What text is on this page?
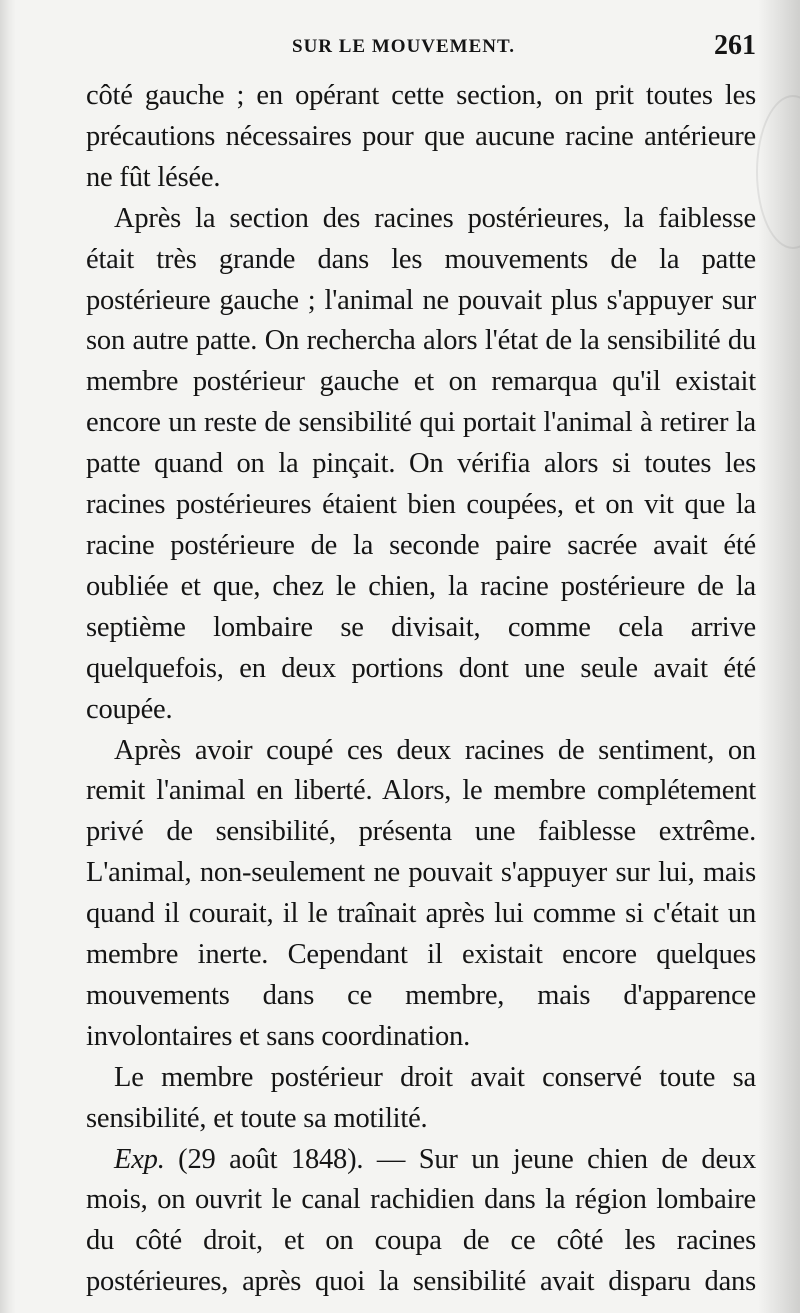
SUR LE MOUVEMENT.	261

côté gauche ; en opérant cette section, on prit toutes les précautions nécessaires pour que aucune racine antérieure ne fût lésée.

Après la section des racines postérieures, la faiblesse était très grande dans les mouvements de la patte postérieure gauche ; l'animal ne pouvait plus s'appuyer sur son autre patte. On rechercha alors l'état de la sensibilité du membre postérieur gauche et on remarqua qu'il existait encore un reste de sensibilité qui portait l'animal à retirer la patte quand on la pinçait. On vérifia alors si toutes les racines postérieures étaient bien coupées, et on vit que la racine postérieure de la seconde paire sacrée avait été oubliée et que, chez le chien, la racine postérieure de la septième lombaire se divisait, comme cela arrive quelquefois, en deux portions dont une seule avait été coupée.

Après avoir coupé ces deux racines de sentiment, on remit l'animal en liberté. Alors, le membre complétement privé de sensibilité, présenta une faiblesse extrême. L'animal, non-seulement ne pouvait s'appuyer sur lui, mais quand il courait, il le traînait après lui comme si c'était un membre inerte. Cependant il existait encore quelques mouvements dans ce membre, mais d'apparence involontaires et sans coordination.

Le membre postérieur droit avait conservé toute sa sensibilité, et toute sa motilité.

Exp. (29 août 1848). — Sur un jeune chien de deux mois, on ouvrit le canal rachidien dans la région lombaire du côté droit, et on coupa de ce côté les racines postérieures, après quoi la sensibilité avait disparu dans
